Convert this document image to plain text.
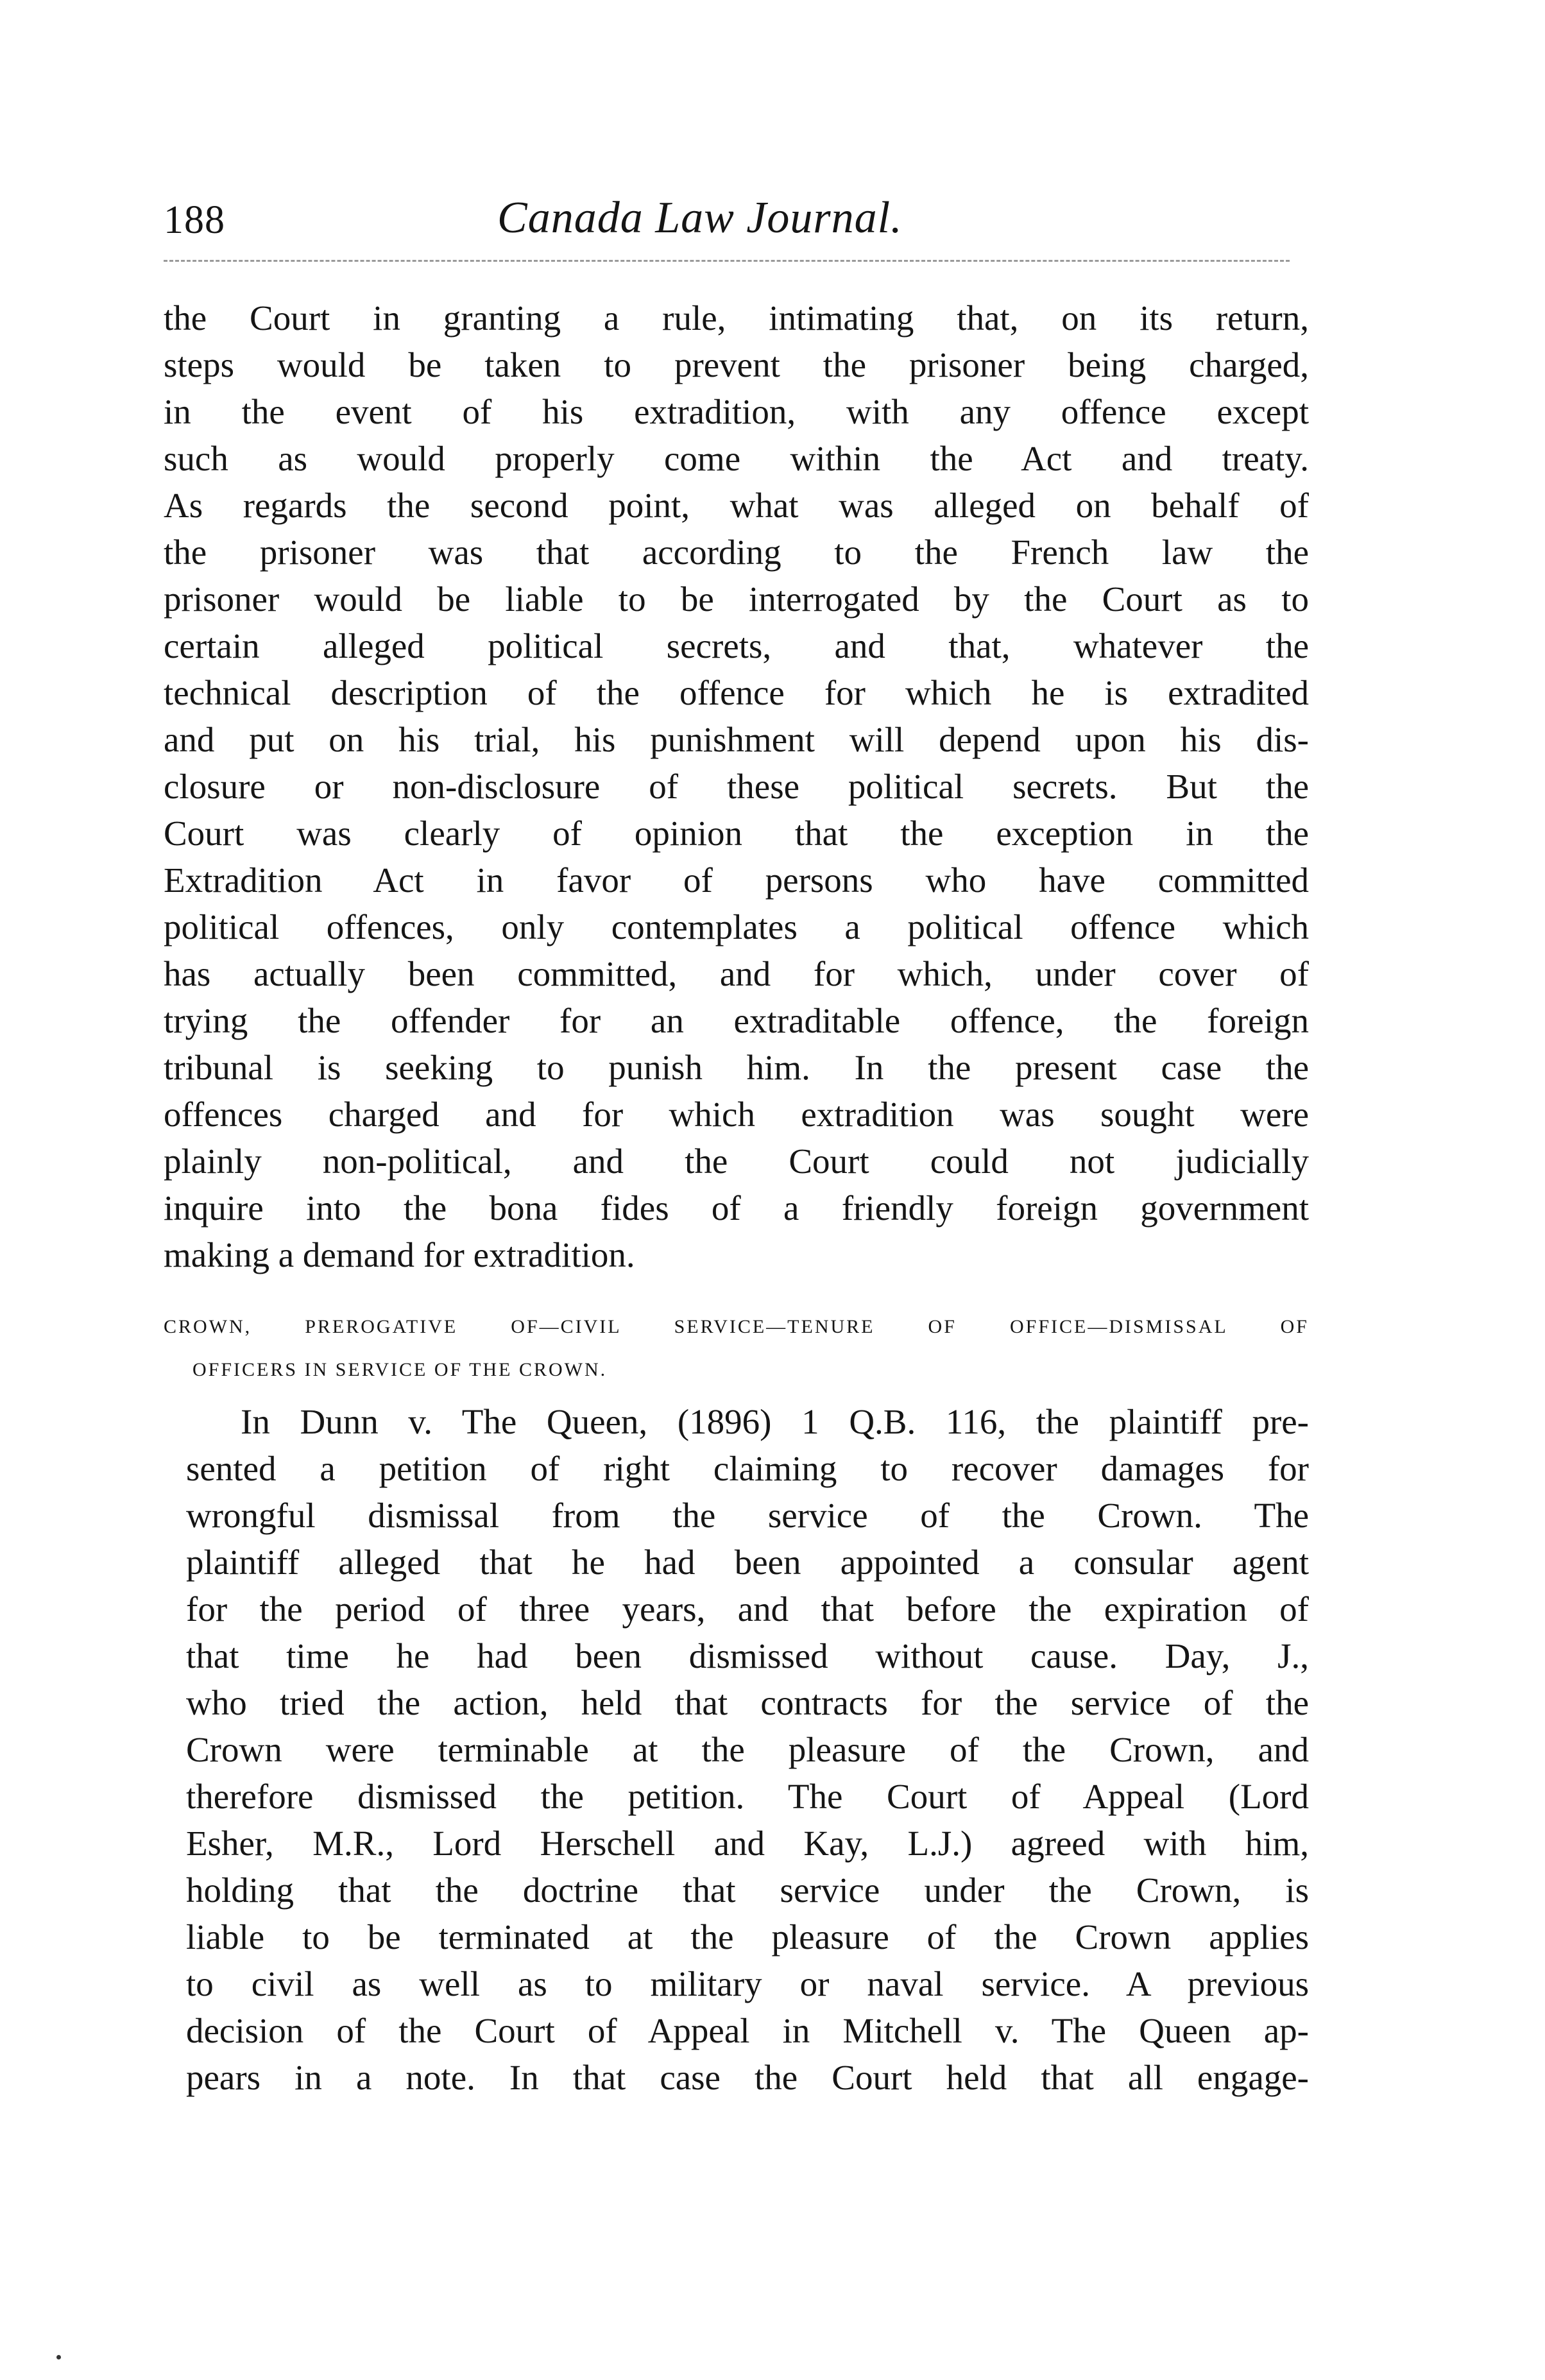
188	Canada Law Journal.
the Court in granting a rule, intimating that, on its return,
steps would be taken to prevent the prisoner being charged,
in the event of his extradition, with any offence except
such as would properly come within the Act and treaty.
As regards the second point, what was alleged on behalf of
the prisoner was that according to the French law the
prisoner would be liable to be interrogated by the Court as to
certain alleged political secrets, and that, whatever the
technical description of the offence for which he is extradited
and put on his trial, his punishment will depend upon his dis-
closure or non-disclosure of these political secrets. But the
Court was clearly of opinion that the exception in the
Extradition Act in favor of persons who have committed
political offences, only contemplates a political offence which
has actually been committed, and for which, under cover of
trying the offender for an extraditable offence, the foreign
tribunal is seeking to punish him. In the present case the
offences charged and for which extradition was sought were
plainly non-political, and the Court could not judicially
inquire into the bona fides of a friendly foreign government
making a demand for extradition.
CROWN, PREROGATIVE OF—CIVIL SERVICE—TENURE OF OFFICE—DISMISSAL OF
OFFICERS IN SERVICE OF THE CROWN.
In Dunn v. The Queen, (1896) 1 Q.B. 116, the plaintiff pre-
sented a petition of right claiming to recover damages for
wrongful dismissal from the service of the Crown. The
plaintiff alleged that he had been appointed a consular agent
for the period of three years, and that before the expiration of
that time he had been dismissed without cause. Day, J.,
who tried the action, held that contracts for the service of the
Crown were terminable at the pleasure of the Crown, and
therefore dismissed the petition. The Court of Appeal (Lord
Esher, M.R., Lord Herschell and Kay, L.J.) agreed with him,
holding that the doctrine that service under the Crown, is
liable to be terminated at the pleasure of the Crown applies
to civil as well as to military or naval service. A previous
decision of the Court of Appeal in Mitchell v. The Queen ap-
pears in a note. In that case the Court held that all engage-
